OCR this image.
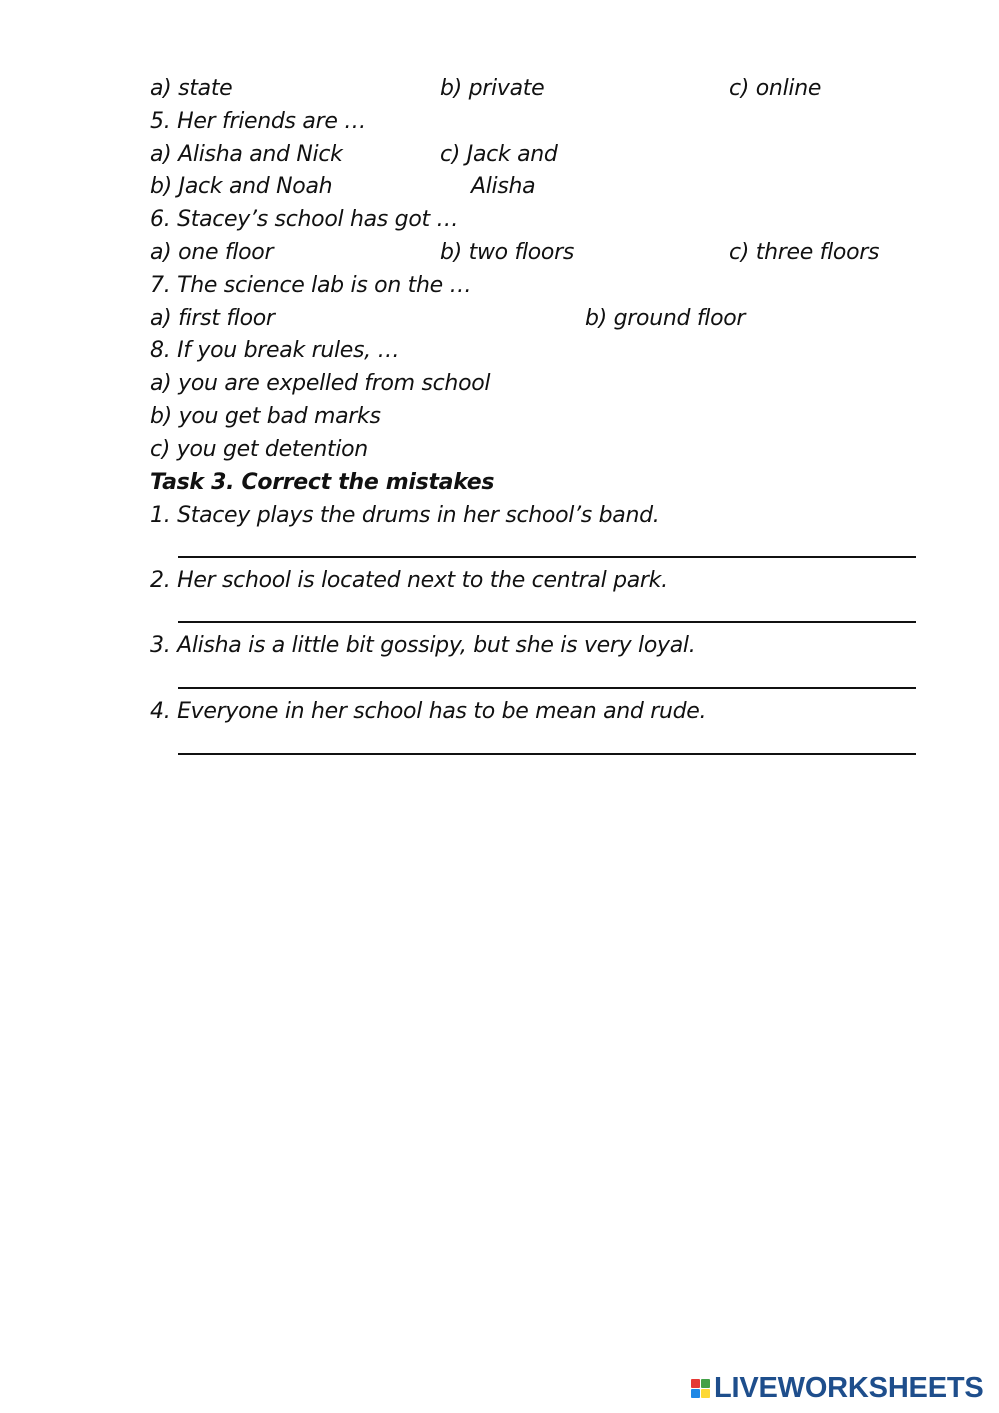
a) state	b) private	c) online
5. Her friends are …
a) Alisha and Nick	c) Jack and
b) Jack and Noah	Alisha
6. Stacey’s school has got …
a) one floor	b) two floors	c) three floors
7. The science lab is on the …
a) first floor	b) ground floor
8. If you break rules, …
a) you are expelled from school
b) you get bad marks
c) you get detention
Task 3. Correct the mistakes
1. Stacey plays the drums in her school’s band.
2. Her school is located next to the central park.
3. Alisha is a little bit gossipy, but she is very loyal.
4. Everyone in her school has to be mean and rude.
LIVEWORKSHEETS
